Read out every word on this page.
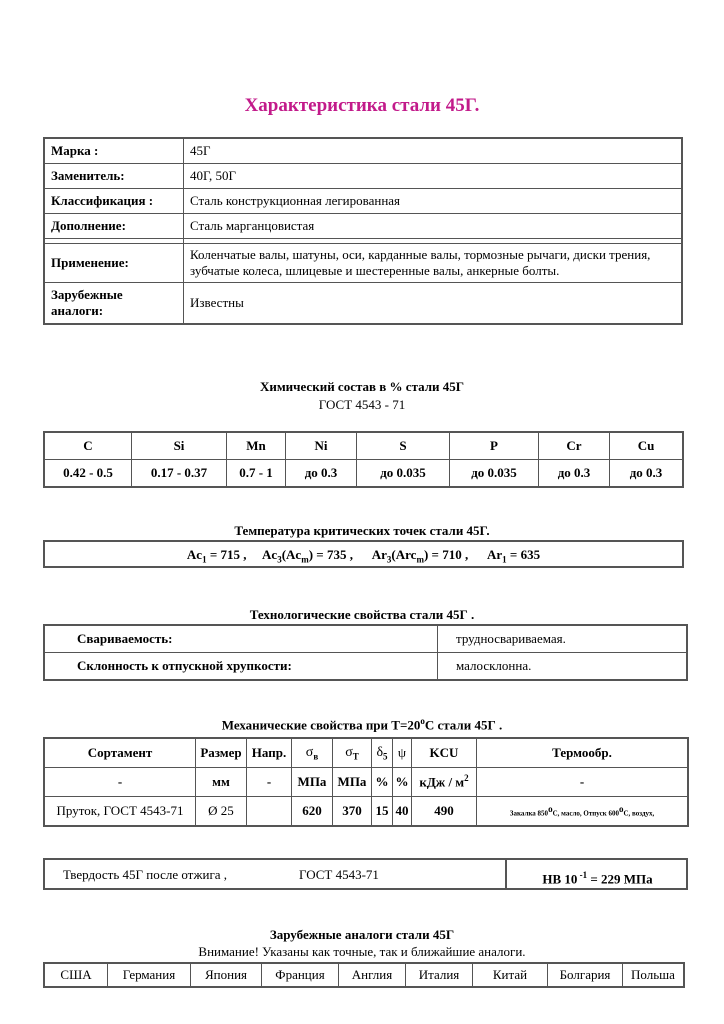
Характеристика стали 45Г.
Марка :	45Г
Заменитель:	40Г, 50Г
Классификация :	Сталь конструкционная легированная
Дополнение:	Сталь марганцовистая

Применение:	Коленчатые валы, шатуны, оси, карданные валы, тормозные рычаги, диски трения, зубчатые колеса, шлицевые и шестеренные валы, анкерные болты.
Зарубежные аналоги:	Известны
Химический состав в % стали 45Г
ГОСТ 4543 - 71
C	Si	Mn	Ni	S	P	Cr	Cu
0.42 - 0.5	0.17 - 0.37	0.7 - 1	до 0.3	до 0.035	до 0.035	до 0.3	до 0.3
Температура критических точек стали 45Г.
$Ac_1 = 715$ , $Ac_3(Ac_m) = 735$ , $Ar_3(Arc_m) = 710$ , $Ar_1 = 635$
Технологические свойства стали 45Г .
Свариваемость:	трудносвариваемая.
Склонность к отпускной хрупкости:	малосклонна.
Механические свойства при $Т=20^oС$ стали 45Г .
Сортамент	Размер	Напр.	$\sigma_в$	$\sigma_T$	$\delta_5$	ψ	KCU	Термообр.
-	мм	-	МПа	МПа	%	%	кДж / $м^2$	-
Пруток, ГОСТ 4543-71	Ø 25		620	370	15	40	490	Закалка 850$^o$C, масло, Отпуск 600$^o$C, воздух,
Твердость 45Г после отжига ,	ГОСТ 4543-71	HB 10 $^{-1}$ = 229 МПа
Зарубежные аналоги стали 45Г
Внимание! Указаны как точные, так и ближайшие аналоги.
США	Германия	Япония	Франция	Англия	Италия	Китай	Болгария	Польша
